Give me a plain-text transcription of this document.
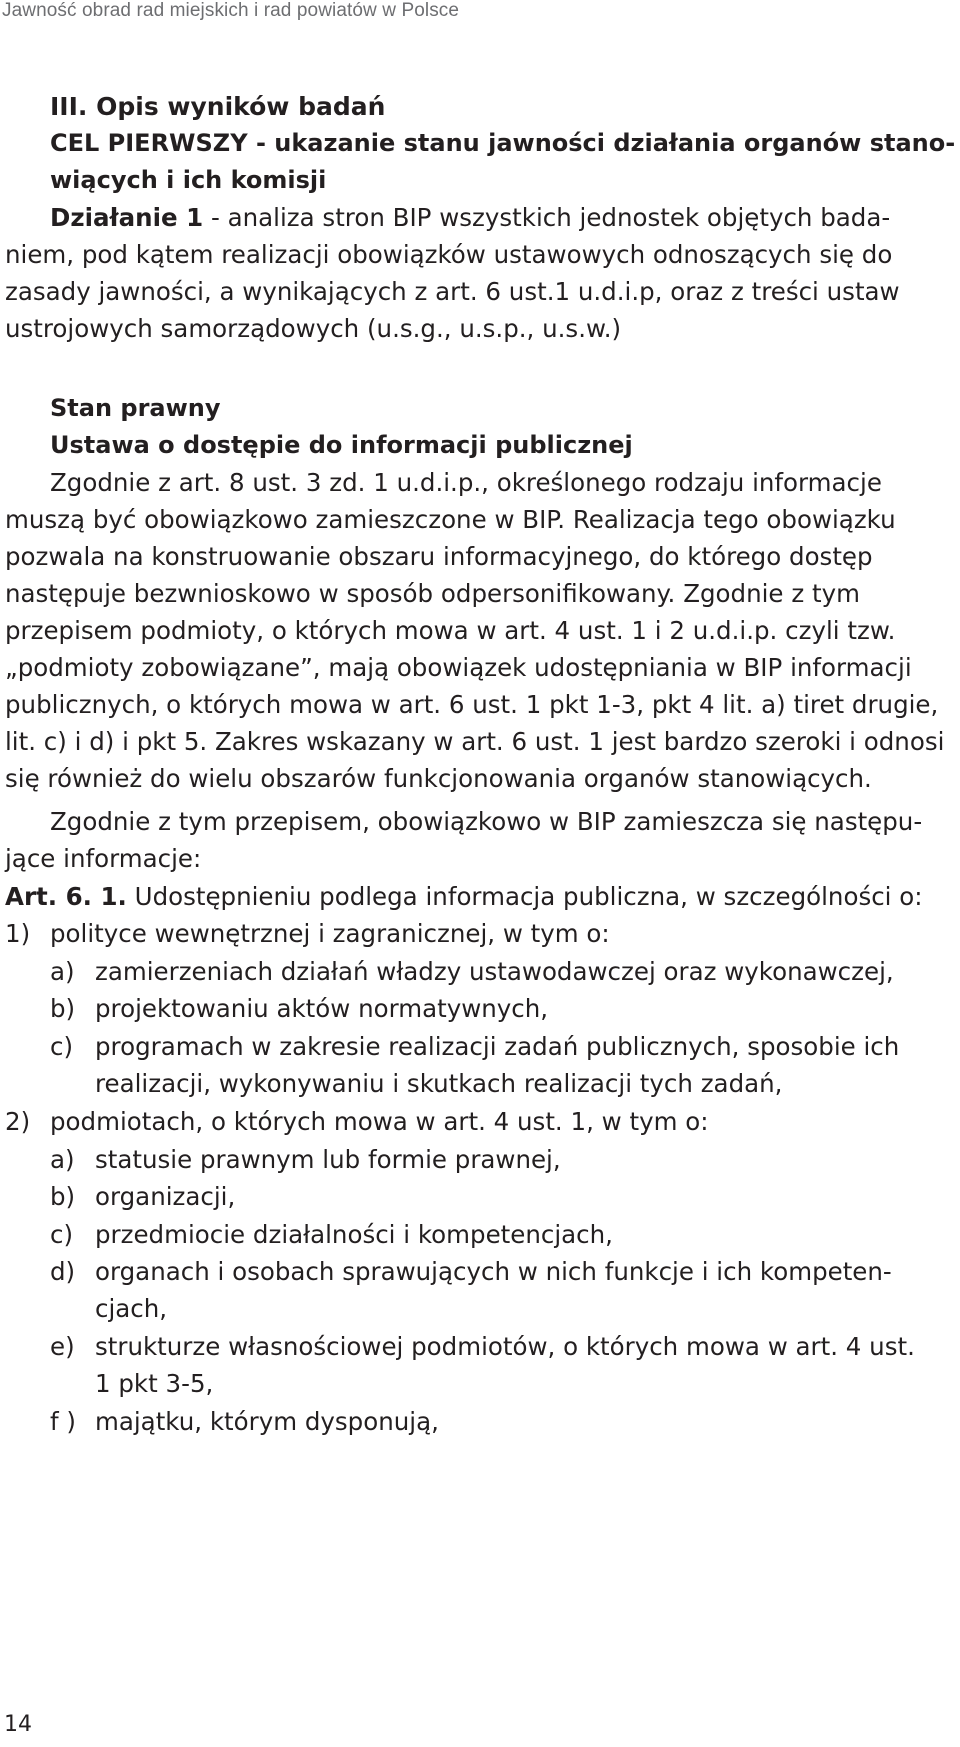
Jawność obrad rad miejskich i rad powiatów w Polsce
III. Opis wyników badań
CEL PIERWSZY - ukazanie stanu jawności działania organów stano-
wiących i ich komisji
Działanie 1 - analiza stron BIP wszystkich jednostek objętych bada-
niem, pod kątem realizacji obowiązków ustawowych odnoszących się do
zasady jawności, a wynikających z art. 6 ust.1 u.d.i.p, oraz z treści ustaw
ustrojowych samorządowych (u.s.g., u.s.p., u.s.w.)
Stan prawny
Ustawa o dostępie do informacji publicznej
Zgodnie z art. 8 ust. 3 zd. 1 u.d.i.p., określonego rodzaju informacje
muszą być obowiązkowo zamieszczone w BIP. Realizacja tego obowiązku
pozwala na konstruowanie obszaru informacyjnego, do którego dostęp
następuje bezwnioskowo w sposób odpersonifikowany. Zgodnie z tym
przepisem podmioty, o których mowa w art. 4 ust. 1 i 2 u.d.i.p. czyli tzw.
„podmioty zobowiązane”, mają obowiązek udostępniania w BIP informacji
publicznych, o których mowa w art. 6 ust. 1 pkt 1-3, pkt 4 lit. a) tiret drugie,
lit. c) i d) i pkt 5. Zakres wskazany w art. 6 ust. 1 jest bardzo szeroki i odnosi
się również do wielu obszarów funkcjonowania organów stanowiących.
Zgodnie z tym przepisem, obowiązkowo w BIP zamieszcza się następu-
jące informacje:
Art. 6. 1. Udostępnieniu podlega informacja publiczna, w szczególności o:
1) polityce wewnętrznej i zagranicznej, w tym o:
a) zamierzeniach działań władzy ustawodawczej oraz wykonawczej,
b) projektowaniu aktów normatywnych,
c) programach w zakresie realizacji zadań publicznych, sposobie ich
realizacji, wykonywaniu i skutkach realizacji tych zadań,
2) podmiotach, o których mowa w art. 4 ust. 1, w tym o:
a) statusie prawnym lub formie prawnej,
b) organizacji,
c) przedmiocie działalności i kompetencjach,
d) organach i osobach sprawujących w nich funkcje i ich kompeten-
cjach,
e) strukturze własnościowej podmiotów, o których mowa w art. 4 ust.
1 pkt 3-5,
f ) majątku, którym dysponują,
14
